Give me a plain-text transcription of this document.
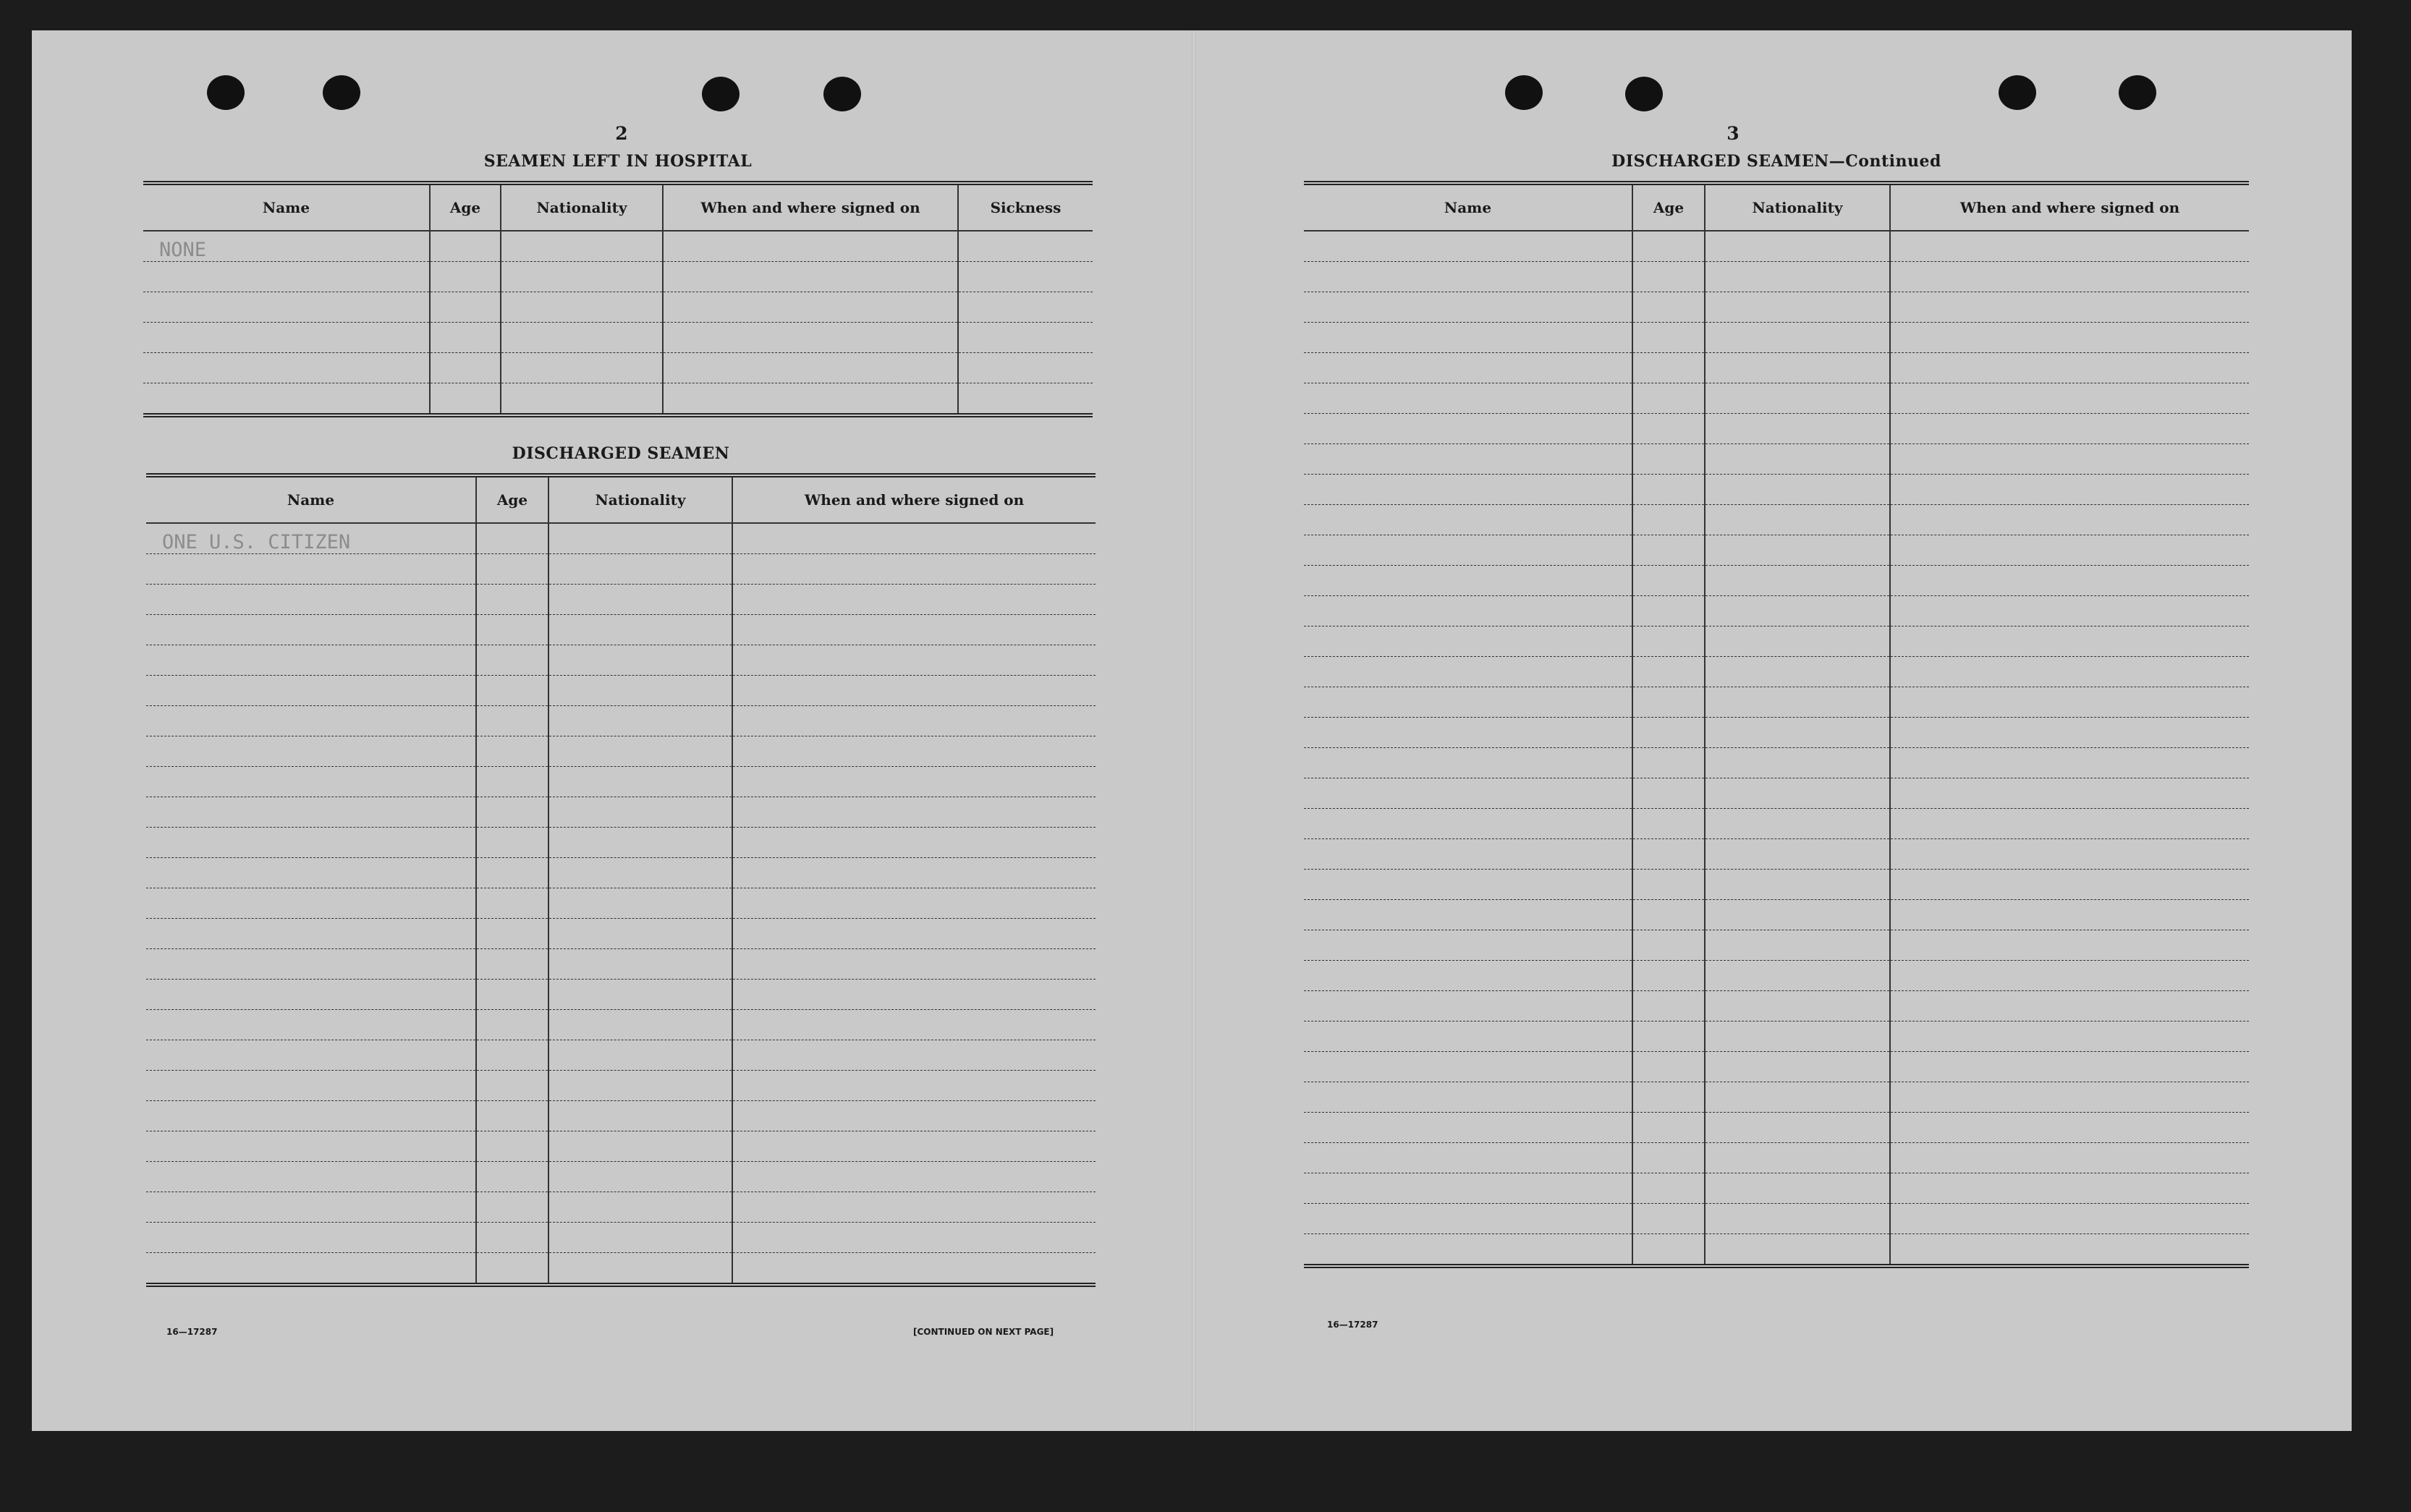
2
SEAMEN LEFT IN HOSPITAL
Name	Age	Nationality	When and where signed on	Sickness
NONE				

DISCHARGED SEAMEN
Name	Age	Nationality	When and where signed on
ONE U.S. CITIZEN			

16—17287	[CONTINUED ON NEXT PAGE]
3
DISCHARGED SEAMEN—Continued
Name	Age	Nationality	When and where signed on

16—17287
